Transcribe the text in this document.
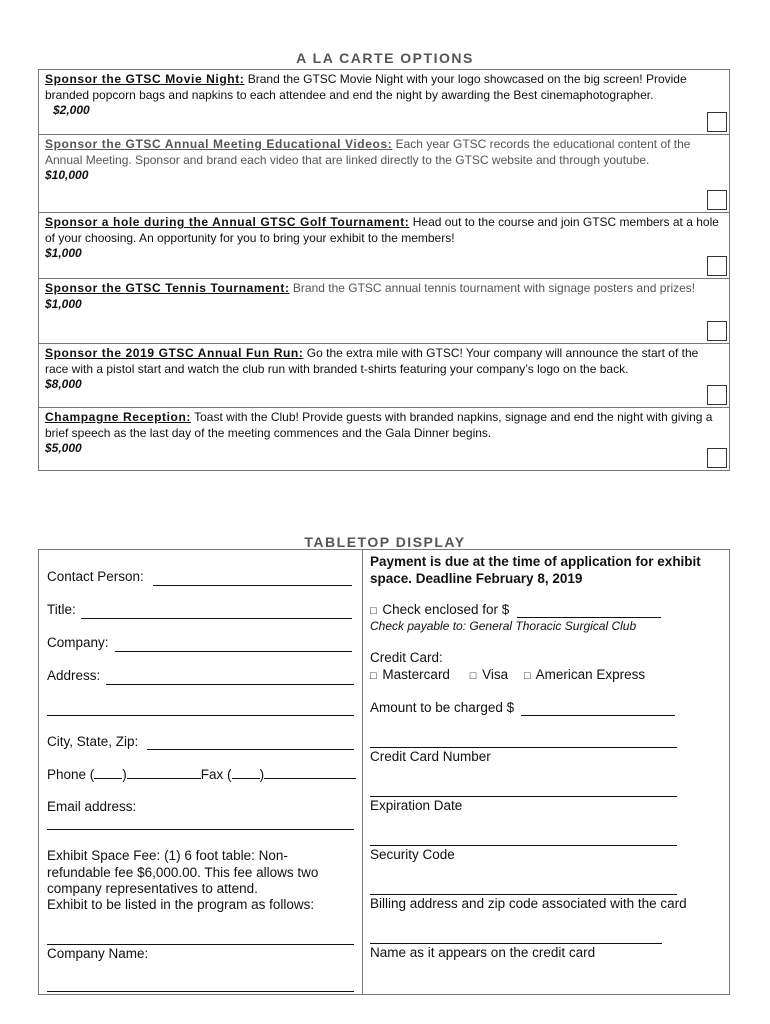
A LA CARTE OPTIONS
Sponsor the GTSC Movie Night: Brand the GTSC Movie Night with your logo showcased on the big screen! Provide branded popcorn bags and napkins to each attendee and end the night by awarding the Best cinemaphotographer.
$2,000
Sponsor the GTSC Annual Meeting Educational Videos: Each year GTSC records the educational content of the Annual Meeting. Sponsor and brand each video that are linked directly to the GTSC website and through youtube.
$10,000
Sponsor a hole during the Annual GTSC Golf Tournament: Head out to the course and join GTSC members at a hole of your choosing. An opportunity for you to bring your exhibit to the members!
$1,000
Sponsor the GTSC Tennis Tournament: Brand the GTSC annual tennis tournament with signage posters and prizes!
$1,000
Sponsor the 2019 GTSC Annual Fun Run: Go the extra mile with GTSC! Your company will announce the start of the race with a pistol start and watch the club run with branded t-shirts featuring your company’s logo on the back.
$8,000
Champagne Reception: Toast with the Club! Provide guests with branded napkins, signage and end the night with giving a brief speech as the last day of the meeting commences and the Gala Dinner begins.
$5,000
TABLETOP DISPLAY
Contact Person:
Title:
Company:
Address:
City, State, Zip:
Phone ( )	Fax ( )
Email address:
Exhibit Space Fee: (1) 6 foot table: Non-
refundable fee $6,000.00. This fee allows two
company representatives to attend.
Exhibit to be listed in the program as follows:
Company Name:
Payment is due at the time of application for exhibit
space. Deadline February 8, 2019
□ Check enclosed for $
Check payable to: General Thoracic Surgical Club
Credit Card:
□ Mastercard □ Visa □ American Express
Amount to be charged $
Credit Card Number
Expiration Date
Security Code
Billing address and zip code associated with the card
Name as it appears on the credit card
